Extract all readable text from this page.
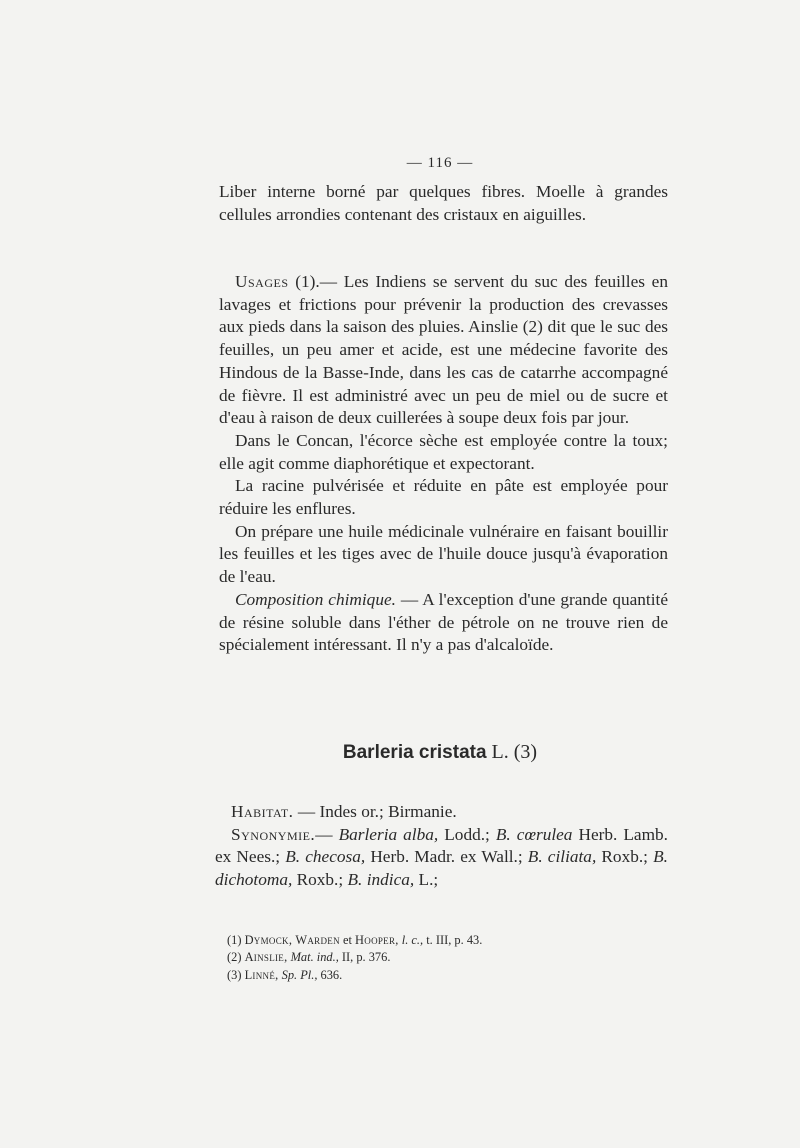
— 116 —

Liber interne borné par quelques fibres. Moelle à grandes cellules arrondies contenant des cristaux en aiguilles.

Usages (1).— Les Indiens se servent du suc des feuilles en lavages et frictions pour prévenir la production des crevasses aux pieds dans la saison des pluies. Ainslie (2) dit que le suc des feuilles, un peu amer et acide, est une médecine favorite des Hindous de la Basse-Inde, dans les cas de catarrhe accompagné de fièvre. Il est administré avec un peu de miel ou de sucre et d'eau à raison de deux cuillerées à soupe deux fois par jour.

Dans le Concan, l'écorce sèche est employée contre la toux; elle agit comme diaphorétique et expectorant.

La racine pulvérisée et réduite en pâte est employée pour réduire les enflures.

On prépare une huile médicinale vulnéraire en faisant bouillir les feuilles et les tiges avec de l'huile douce jusqu'à évaporation de l'eau.

Composition chimique. — A l'exception d'une grande quantité de résine soluble dans l'éther de pétrole on ne trouve rien de spécialement intéressant. Il n'y a pas d'alcaloïde.

Barleria cristata L. (3)

Habitat. — Indes or.; Birmanie.

Synonymie.— Barleria alba, Lodd.; B. cœrulea Herb. Lamb. ex Nees.; B. checosa, Herb. Madr. ex Wall.; B. ciliata, Roxb.; B. dichotoma, Roxb.; B. indica, L.;

(1) Dymock, Warden et Hooper, l. c., t. III, p. 43.
(2) Ainslie, Mat. ind., II, p. 376.
(3) Linné, Sp. Pl., 636.
